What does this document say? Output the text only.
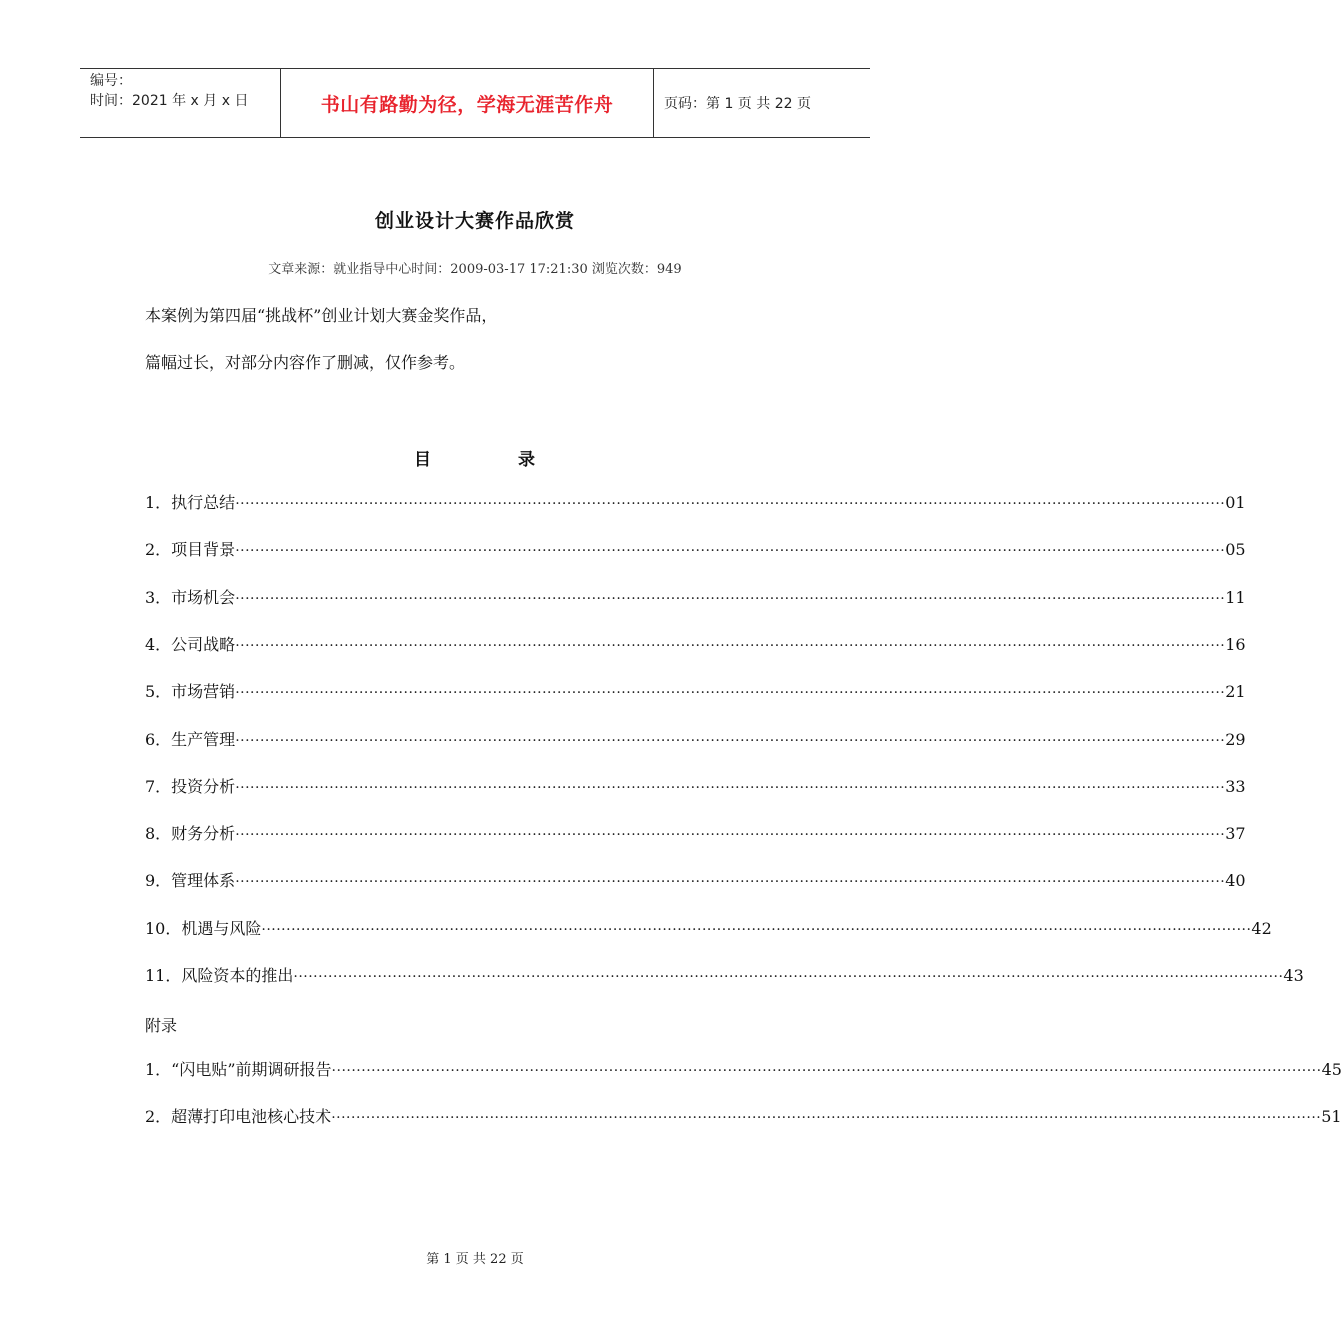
编号：
时间：2021 年 x 月 x 日	书山有路勤为径，学海无涯苦作舟	页码：第 1 页 共 22 页
创业设计大赛作品欣赏
文章来源：就业指导中心时间：2009-03-17 17:21:30 浏览次数：949
本案例为第四届“挑战杯”创业计划大赛金奖作品，
篇幅过长，对部分内容作了删减，仅作参考。
目	录
1．执行总结 ········································································································································································································ 01
2．项目背景 ········································································································································································································ 05
3．市场机会 ········································································································································································································ 11
4．公司战略 ········································································································································································································ 16
5．市场营销 ········································································································································································································ 21
6．生产管理 ········································································································································································································ 29
7．投资分析 ········································································································································································································ 33
8．财务分析 ········································································································································································································ 37
9．管理体系 ········································································································································································································ 40
10．机遇与风险 ········································································································································································································ 42
11．风险资本的推出 ········································································································································································································ 43
附录
1．“闪电贴”前期调研报告 ········································································································································································································ 45
2．超薄打印电池核心技术 ········································································································································································································ 51
第 1 页 共 22 页
